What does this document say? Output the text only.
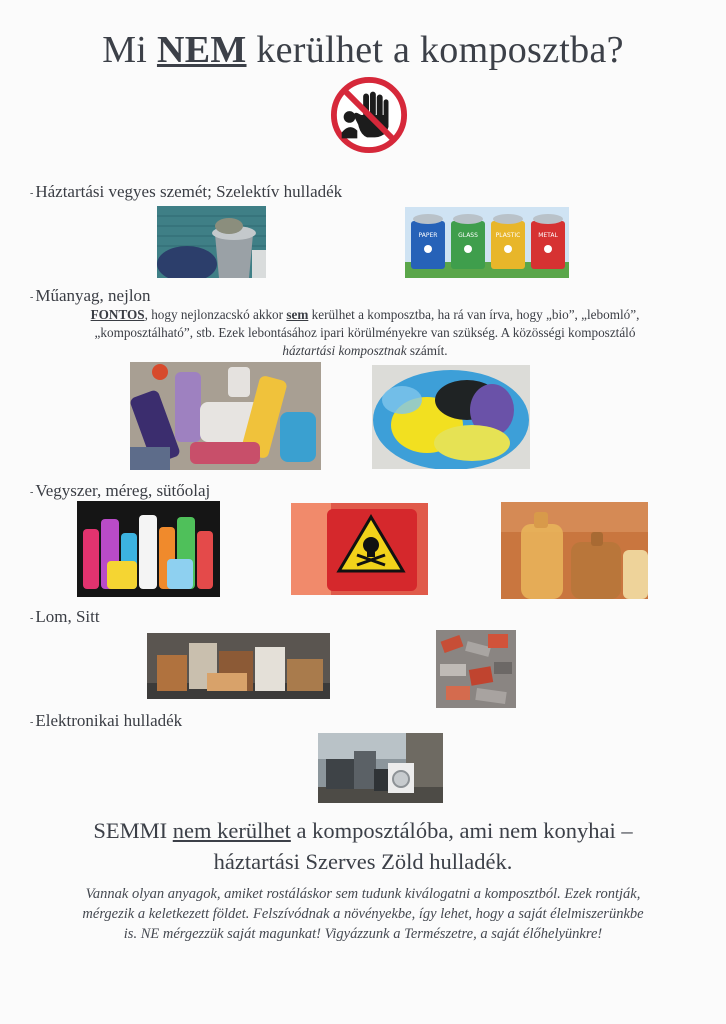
Mi NEM kerülhet a komposztba?
- Háztartási vegyes szemét; Szelektív hulladék
PAPER	GLASS	PLASTIC	METAL
- Műanyag, nejlon
FONTOS, hogy nejlonzacskó akkor sem kerülhet a komposztba, ha rá van írva, hogy „bio”, „lebomló”,
„komposztálható”, stb. Ezek lebontásához ipari körülményekre van szükség. A közösségi komposztáló
háztartási komposztnak számít.
- Vegyszer, méreg, sütőolaj
- Lom, Sitt
- Elektronikai hulladék
SEMMI nem kerülhet a komposztálóba, ami nem konyhai –
háztartási Szerves Zöld hulladék.
Vannak olyan anyagok, amiket rostáláskor sem tudunk kiválogatni a komposztból. Ezek rontják,
mérgezik a keletkezett földet. Felszívódnak a növényekbe, így lehet, hogy a saját élelmiszerünkbe
is. NE mérgezzük saját magunkat! Vigyázzunk a Természetre, a saját élőhelyünkre!
